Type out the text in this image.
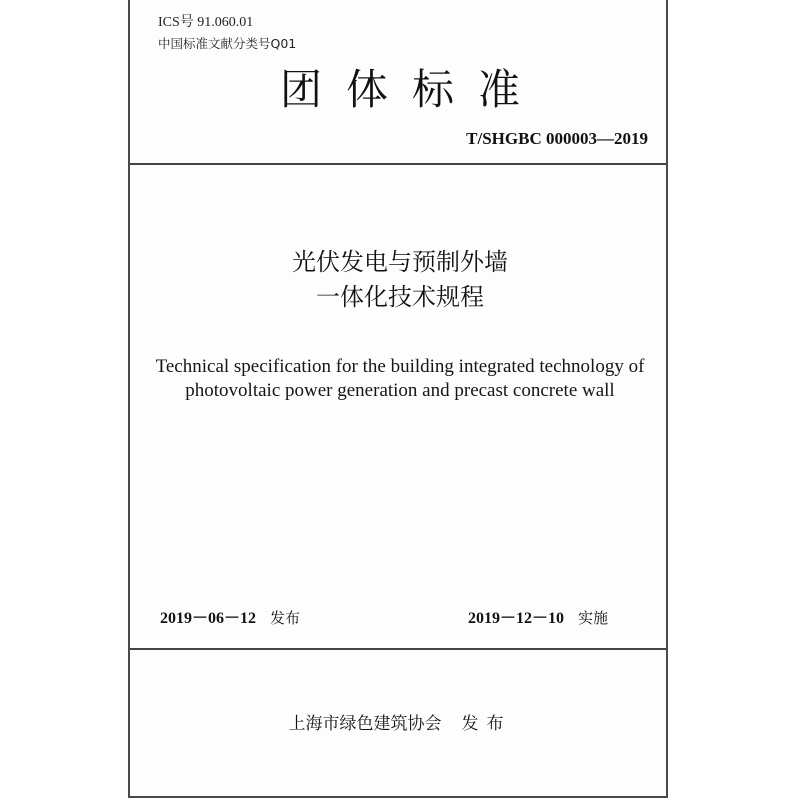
ICS号 91.060.01
中国标准文献分类号Q01
团体标准
T/SHGBC 000003—2019
光伏发电与预制外墙
一体化技术规程
Technical specification for the building integrated technology of
photovoltaic power generation and precast concrete wall
2019－06－12 发布	2019－12－10 实施
上海市绿色建筑协会 发布
